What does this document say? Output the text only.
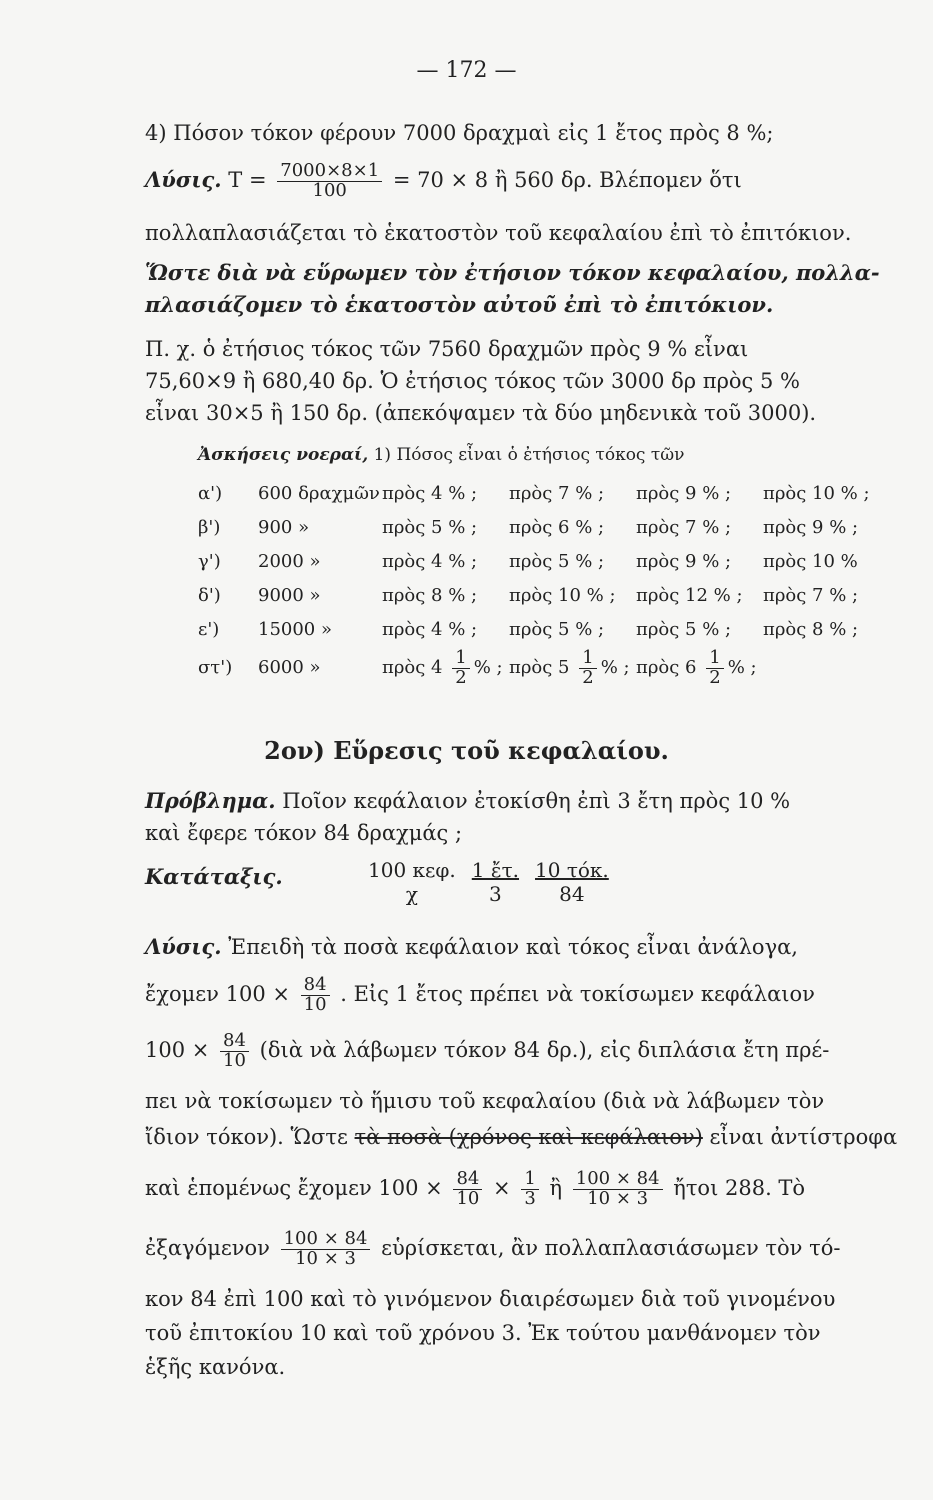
— 172 —
4) Πόσον τόκον φέρουν 7000 δραχμαὶ εἰς 1 ἔτος πρὸς 8 %;
Λύσις. $T = \frac{7000\times 8\times 1}{100} = 70 \times 8$ ἢ 560 δρ. Βλέπομεν ὅτι
πολλαπλασιάζεται τὸ ἑκατοστὸν τοῦ κεφαλαίου ἐπὶ τὸ ἐπιτόκιον.
Ὥστε διὰ νὰ εὕρωμεν τὸν ἐτήσιον τόκον κεφαλαίου, πολλα-
πλασιάζομεν τὸ ἑκατοστὸν αὐτοῦ ἐπὶ τὸ ἐπιτόκιον.
Π. χ. ὁ ἐτήσιος τόκος τῶν 7560 δραχμῶν πρὸς 9 % εἶναι
75,60×9 ἢ 680,40 δρ. Ὁ ἐτήσιος τόκος τῶν 3000 δρ πρὸς 5 %
εἶναι 30×5 ἢ 150 δρ. (ἀπεκόψαμεν τὰ δύο μηδενικὰ τοῦ 3000).
Ἀσκήσεις νοεραί, 1) Πόσος εἶναι ὁ ἐτήσιος τόκος τῶν
α') 600 δραχμῶν πρὸς 4 % ; πρὸς 7 % ; πρὸς 9 % ; πρὸς 10 % ;
β') 900 »	πρὸς 5 % ; πρὸς 6 % ; πρὸς 7 % ; πρὸς 9 % ;
γ') 2000 »	πρὸς 4 % ; πρὸς 5 % ; πρὸς 9 % ; πρὸς 10 %
δ') 9000 »	πρὸς 8 % ; πρὸς 10 % ; πρὸς 12 % ; πρὸς 7 % ;
ε') 15000 »	πρὸς 4 % ; πρὸς 5 % ; πρὸς 5 % ; πρὸς 8 % ;
στ') 6000 »	πρὸς $4 \frac{1}{2}$ % ; πρὸς $5 \frac{1}{2}$ % ; πρὸς $6 \frac{1}{2}$ % ;
2ον) Εὕρεσις τοῦ κεφαλαίου.
Πρόβλημα. Ποῖον κεφάλαιον ἐτοκίσθη ἐπὶ 3 ἔτη πρὸς 10 %
καὶ ἔφερε τόκον 84 δραχμάς ;
Κατάταξις.	100 κεφ.	1 ἔτ.	10 τόκ.
χ	3	84
Λύσις. Ἐπειδὴ τὰ ποσὰ κεφάλαιον καὶ τόκος εἶναι ἀνάλογα,
ἔχομεν $100 \times \frac{84}{10}$ . Εἰς 1 ἔτος πρέπει νὰ τοκίσωμεν κεφάλαιον
$100 \times \frac{84}{10}$ (διὰ νὰ λάβωμεν τόκον 84 δρ.), εἰς διπλάσια ἔτη πρέ-
πει νὰ τοκίσωμεν τὸ ἥμισυ τοῦ κεφαλαίου (διὰ νὰ λάβωμεν τὸν
ἴδιον τόκον). Ὥστε τὰ ποσὰ (χρόνος καὶ κεφάλαιον) εἶναι ἀντίστροφα
καὶ ἑπομένως ἔχομεν $100 \times \frac{84}{10} \times \frac{1}{3}$ ἢ $\frac{100 \times 84}{10 \times 3}$ ἤτοι 288. Τὸ
ἐξαγόμενον $\frac{100 \times 84}{10 \times 3}$ εὑρίσκεται, ἂν πολλαπλασιάσωμεν τὸν τό-
κον 84 ἐπὶ 100 καὶ τὸ γινόμενον διαιρέσωμεν διὰ τοῦ γινομένου
τοῦ ἐπιτοκίου 10 καὶ τοῦ χρόνου 3. Ἐκ τούτου μανθάνομεν τὸν
ἑξῆς κανόνα.
